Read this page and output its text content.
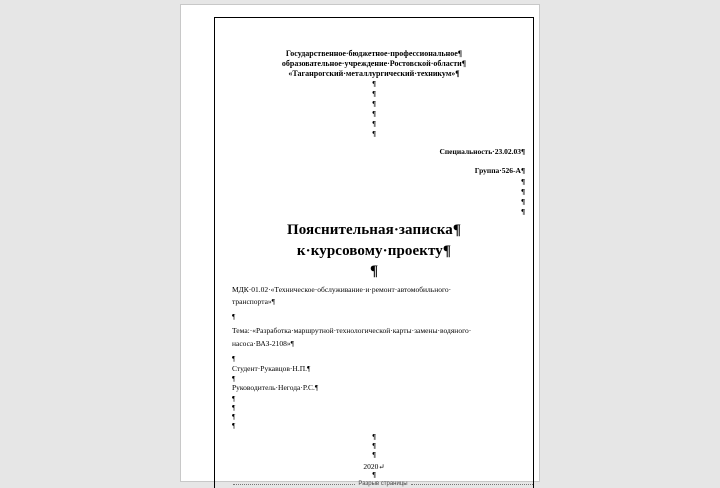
Государственное·бюджетное·профессиональное¶
образовательное·учреждение·Ростовской·области¶
«Таганрогский·металлургический·техникум»¶
¶
¶
¶
¶
¶
¶
Специальность·23.02.03¶
Группа·526-А¶
¶
¶
¶
¶
Пояснительная·записка¶
к·курсовому·проекту¶
¶
МДК·01.02·«Техническое·обслуживание·и·ремонт·автомобильного·
транспорта»¶
¶
Тема:·«Разработка·маршрутной·технологической·карты·замены·водяного·
насоса·ВАЗ-2108»¶
¶
Студент·Рукавцов·Н.П.¶
¶
Руководитель·Негода·Р.С.¶
¶
¶
¶
¶
¶
¶
¶
2020↵
¶
Разрыв страницы
